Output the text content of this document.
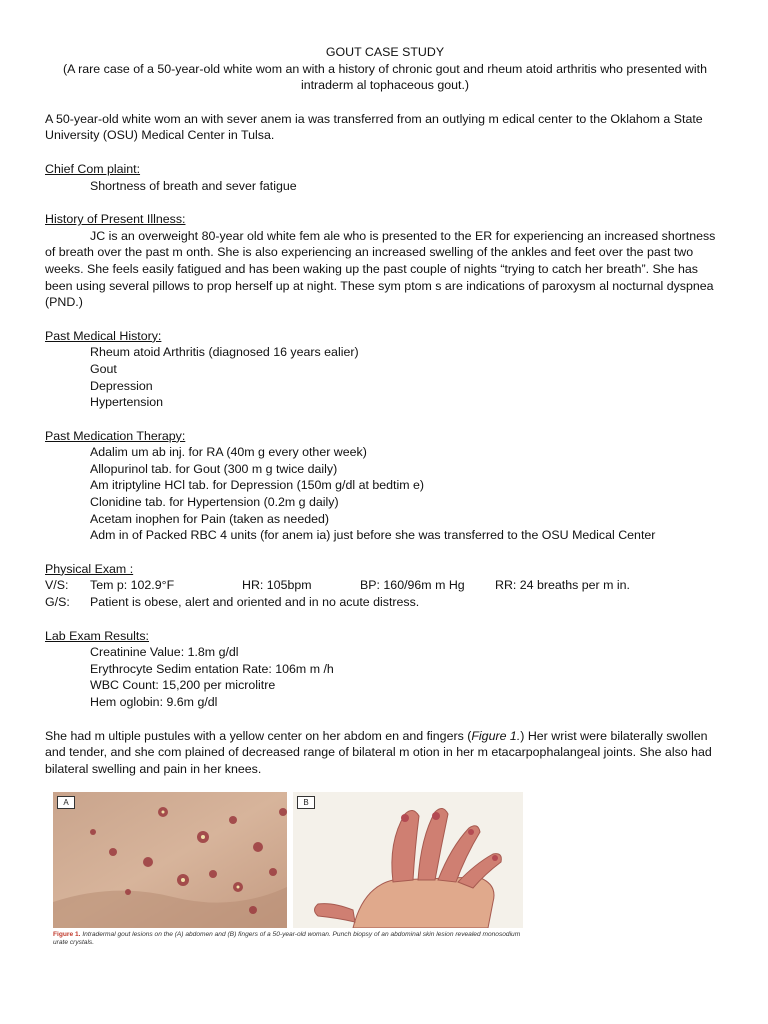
GOUT CASE STUDY

(A rare case of a 50-year-old white wom an with a history of chronic gout and rheum atoid arthritis who presented with intraderm al tophaceous gout.)

A 50-year-old white wom an with sever anem ia was transferred from an outlying m edical center to the Oklahom a State University (OSU) Medical Center in Tulsa.

Chief Com plaint:

Shortness of breath and sever fatigue

History of Present Illness:

JC is an overweight 80-year old white fem ale who is presented to the ER for experiencing an increased shortness of breath over the past m onth. She is also experiencing an increased swelling of the ankles and feet over the past two weeks. She feels easily fatigued and has been waking up the past couple of nights “trying to catch her breath”. She has been using several pillows to prop herself up at night. These sym ptom s are indications of paroxysm al nocturnal dyspnea (PND.)

Past Medical History:

Rheum atoid Arthritis (diagnosed 16 years ealier)

Gout

Depression

Hypertension

Past Medication Therapy:

Adalim um ab inj. for RA (40m g every other week)

Allopurinol tab. for Gout (300 m g twice daily)

Am itriptyline HCl tab. for Depression (150m g/dl at bedtim e)

Clonidine tab. for Hypertension (0.2m g daily)

Acetam inophen for Pain (taken as needed)

Adm in of Packed RBC 4 units (for anem ia) just before she was transferred to the OSU Medical Center

Physical Exam :

V/S:	Tem p: 102.9°F	HR: 105bpm	BP: 160/96m m Hg	RR: 24 breaths per m in.
G/S:	Patient is obese, alert and oriented and in no acute distress.

Lab Exam Results:

Creatinine Value: 1.8m g/dl

Erythrocyte Sedim entation Rate: 106m m /h

WBC Count: 15,200 per microlitre

Hem oglobin: 9.6m g/dl

She had m ultiple pustules with a yellow center on her abdom en and fingers (Figure 1.) Her wrist were bilaterally swollen and tender, and she com plained of decreased range of bilateral m otion in her m etacarpophalangeal joints. She also had bilateral swelling and pain in her knees.

A	B
Figure 1. Intradermal gout lesions on the (A) abdomen and (B) fingers of a 50-year-old woman. Punch biopsy of an abdominal skin lesion revealed monosodium urate crystals.
